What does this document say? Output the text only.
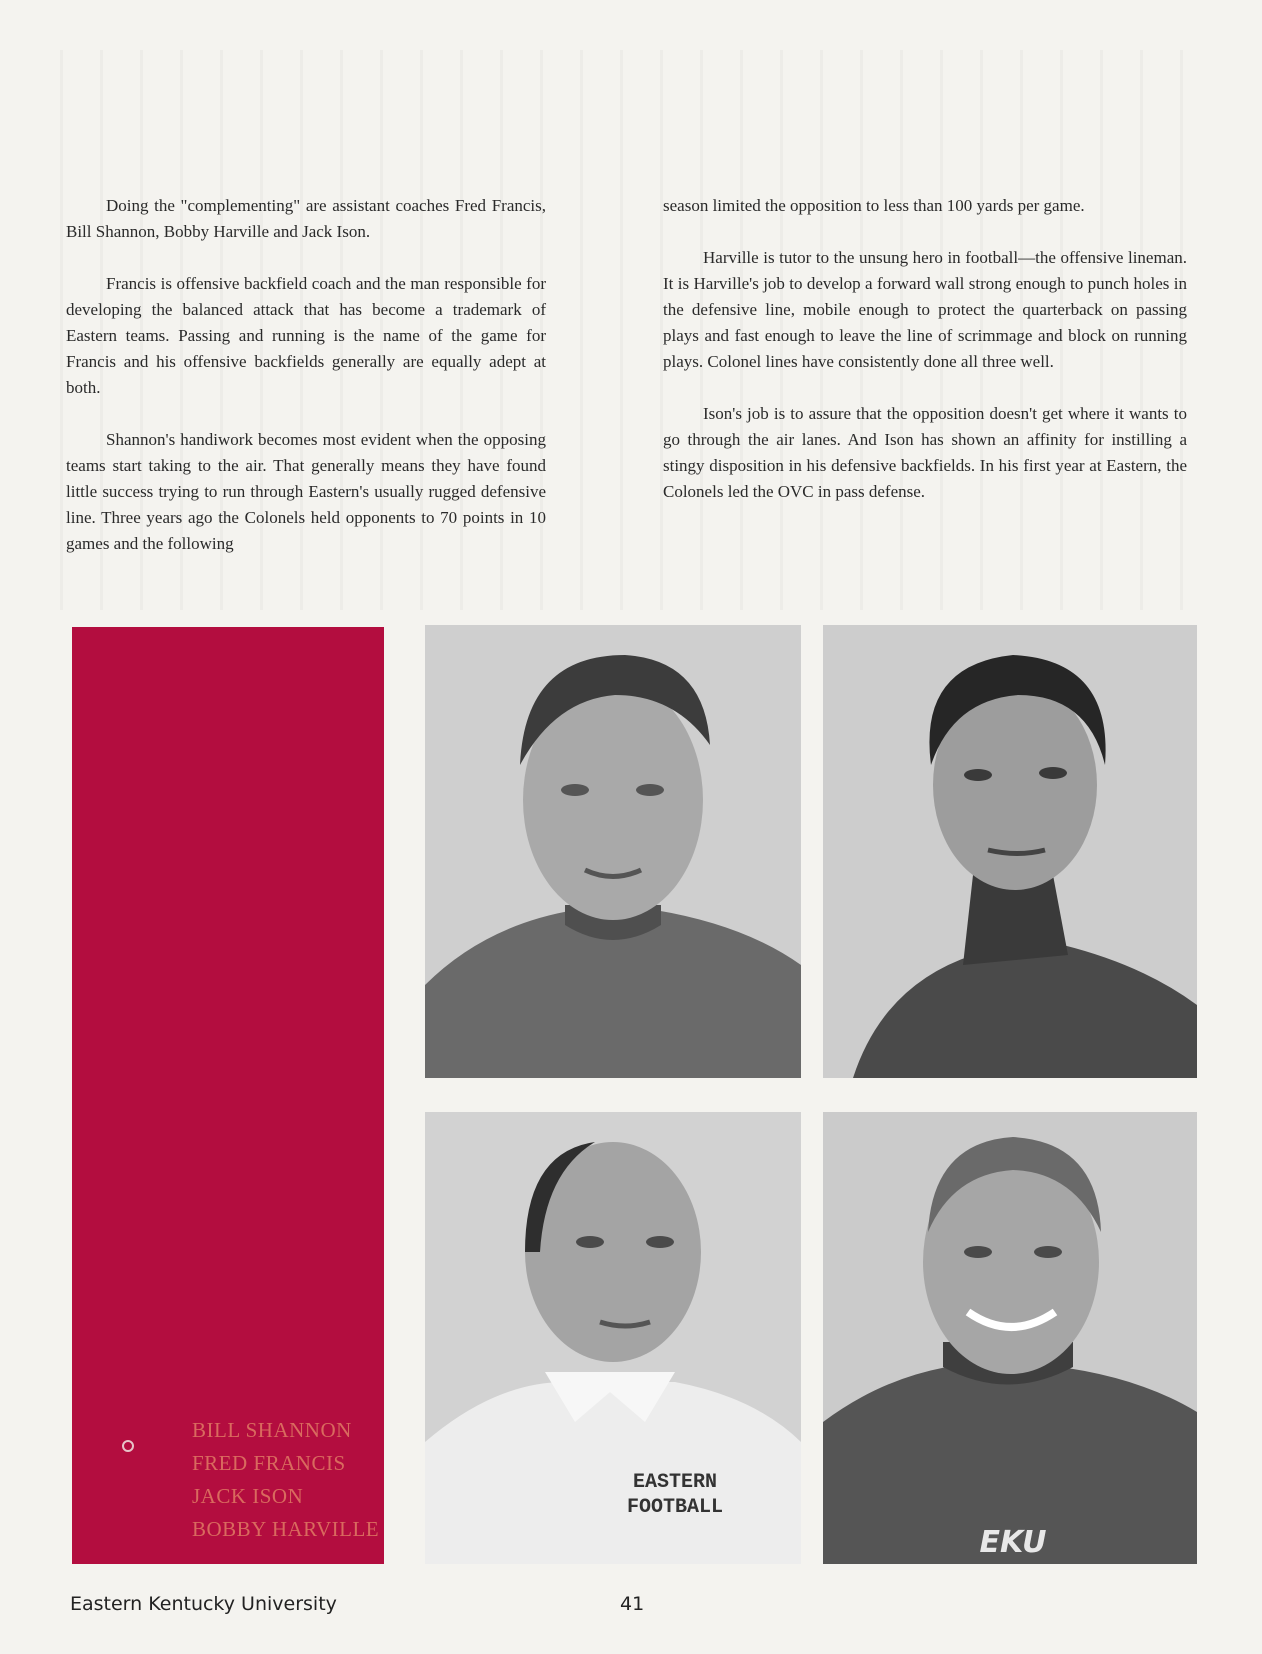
Doing the "complementing" are assistant coaches Fred Francis, Bill Shannon, Bobby Harville and Jack Ison.

Francis is offensive backfield coach and the man responsible for developing the balanced attack that has become a trademark of Eastern teams. Passing and running is the name of the game for Francis and his offensive backfields generally are equally adept at both.

Shannon's handiwork becomes most evident when the opposing teams start taking to the air. That generally means they have found little success trying to run through Eastern's usually rugged defensive line. Three years ago the Colonels held opponents to 70 points in 10 games and the following

season limited the opposition to less than 100 yards per game.

Harville is tutor to the unsung hero in football—the offensive lineman. It is Harville's job to develop a forward wall strong enough to punch holes in the defensive line, mobile enough to protect the quarterback on passing plays and fast enough to leave the line of scrimmage and block on running plays. Colonel lines have consistently done all three well.

Ison's job is to assure that the opposition doesn't get where it wants to go through the air lanes. And Ison has shown an affinity for instilling a stingy disposition in his defensive backfields. In his first year at Eastern, the Colonels led the OVC in pass defense.

BILL SHANNON
FRED FRANCIS
JACK ISON
BOBBY HARVILLE
EASTERN
FOOTBALL
EKU
Eastern Kentucky University	41
